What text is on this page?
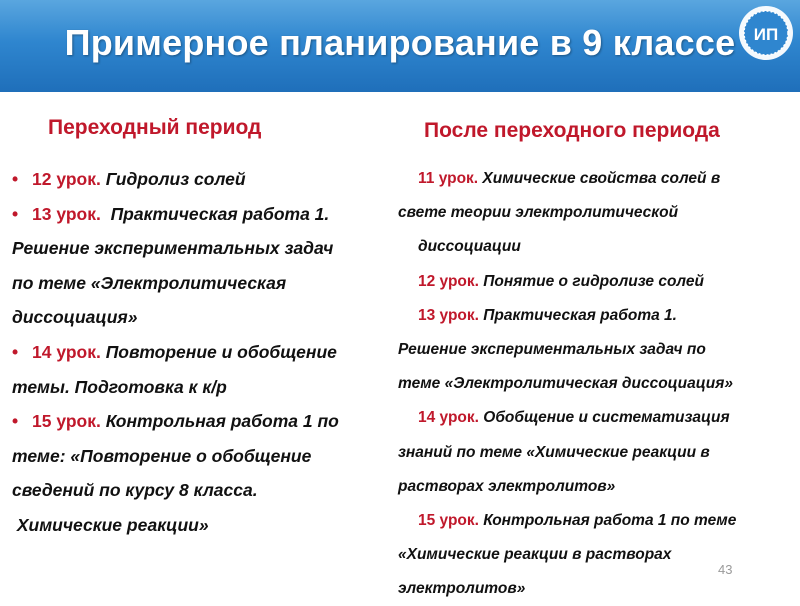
Примерное планирование в 9 классе	ИП
Переходный период	После переходного периода
• 12 урок. Гидролиз солей
• 13 урок.  Практическая работа 1.
Решение экспериментальных задач
по теме «Электролитическая
диссоциация»
• 14 урок. Повторение и обобщение
темы. Подготовка к к/р
• 15 урок. Контрольная работа 1 по
теме: «Повторение о обобщение
сведений по курсу 8 класса.
Химические реакции»
11 урок. Химические свойства солей в
свете теории электролитической
диссоциации
12 урок. Понятие о гидролизе солей
13 урок. Практическая работа 1.
Решение экспериментальных задач по
теме «Электролитическая диссоциация»
14 урок. Обобщение и систематизация
знаний по теме «Химические реакции в
растворах электролитов»
15 урок. Контрольная работа 1 по теме
«Химические реакции в растворах
электролитов»
43
